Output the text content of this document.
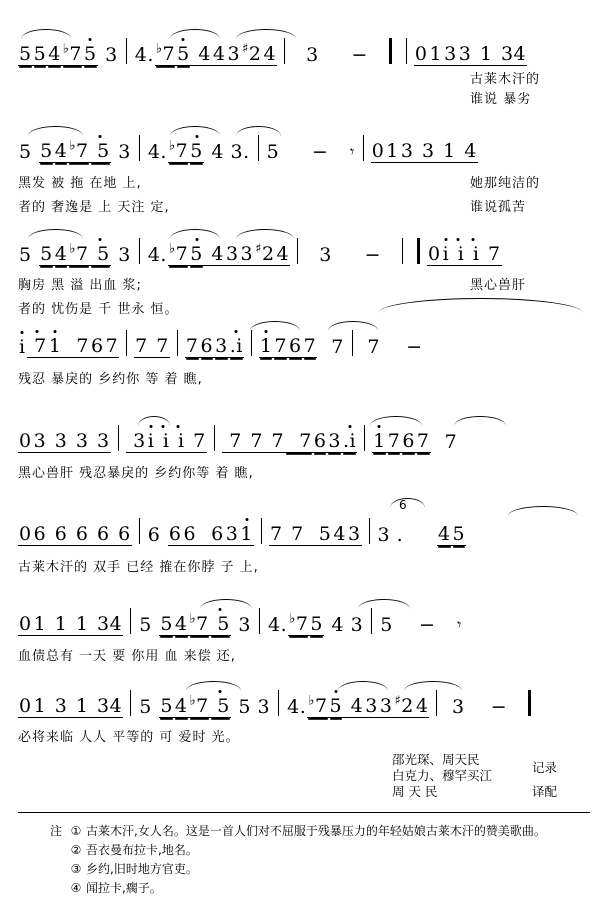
5 5 4 ♭7 5 3 4. ♭7 5 4 4 3 ♯2 4 3     − 0 1 3 3 1 34
古莱木汗的
谁说 暴劣
5 5 4 ♭7 5 3 4. ♭7 5 4 3. 5     − 𝄾 0 1 3 3 1 4
黑发 被 拖 在地 上,
者的 奢逸是 上 天注 定,
她那纯洁的
谁说孤苦
5 5 4 ♭7 5 3 4. ♭7 5 4 3 3 ♯2 4 3     − 0 i i i 7
胸房 黑 溢 出血 浆;
者的 忧伤是 千 世永 恒。
黑心兽肝
i 7 1 7 6 7 7 7 7 6 3 .i 1 7 6 7 7 7    −
残忍 暴戾的 乡约你 等 着 瞧,
0 3 3 3 3 3 i i i 7 7 7 7 7 6 3 .i 1 7 6 7 7
黑心兽肝 残忍暴戾的 乡约你等 着 瞧,
0 6 6 6 6 6 6 6 6 6 3 1 7 7 5 4 3 3 . 4 5
6
古莱木汗的 双手 已经 搉在你脖 子 上,
0 1 1 1 34 5 5 4 ♭7 5 3 4. ♭7 5 4 3 5    − 𝄾
血债总有 一天 要 你用 血 来偿 还,
0 1 3 1 34 5 5 4 ♭7 5 5 3 4. ♭7 5 4 3 3 ♯2 4 3    −
必将来临 人人 平等的 可 爱时 光。
邵光琛、周天民
白克力、穆罕买江
周 天 民
记录
译配
注 ① 古莱木汗,女人名。这是一首人们对不屈服于残暴压力的年轻姑娘古莱木汗的赞美歌曲。
② 吾衣曼布拉卡,地名。
③ 乡约,旧时地方官吏。
④ 闻拉卡,瘸子。
